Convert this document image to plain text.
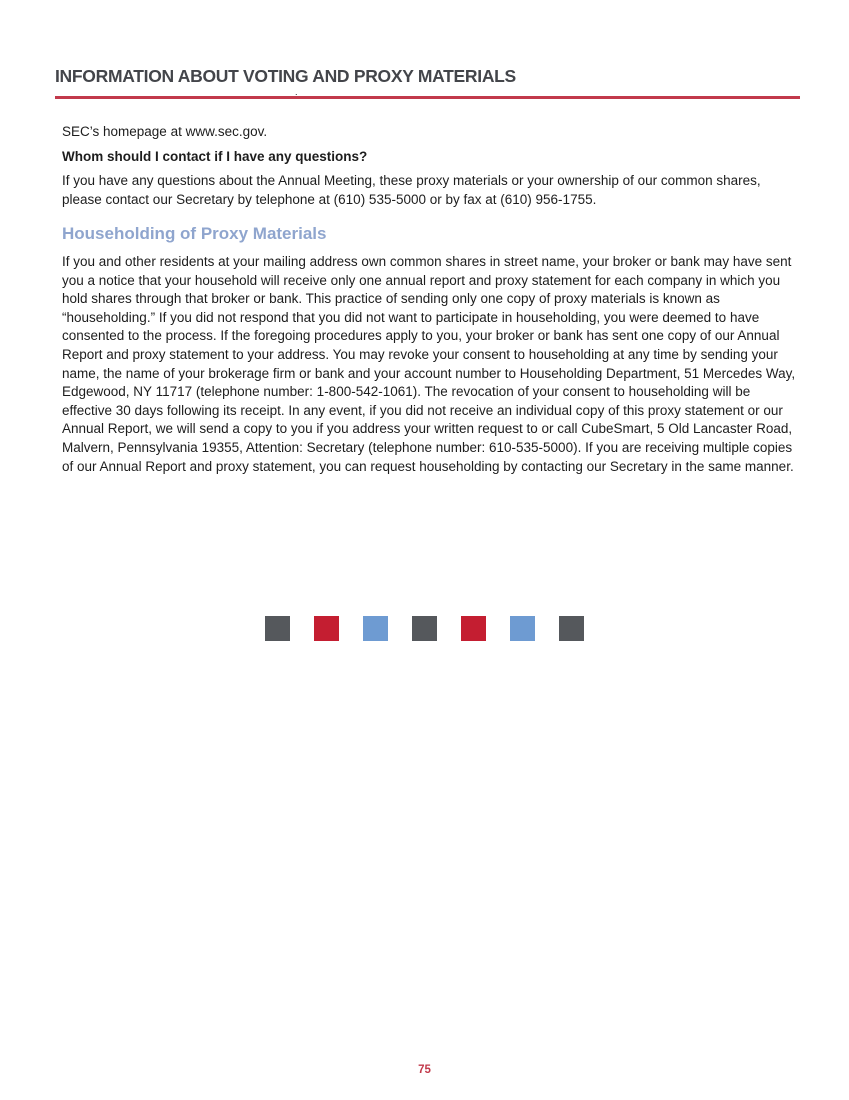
INFORMATION ABOUT VOTING AND PROXY MATERIALS
.

SEC’s homepage at www.sec.gov.

Whom should I contact if I have any questions?

If you have any questions about the Annual Meeting, these proxy materials or your ownership of our common shares, please contact our Secretary by telephone at (610) 535-5000 or by fax at (610) 956-1755.

Householding of Proxy Materials

If you and other residents at your mailing address own common shares in street name, your broker or bank may have sent you a notice that your household will receive only one annual report and proxy statement for each company in which you hold shares through that broker or bank. This practice of sending only one copy of proxy materials is known as “householding.” If you did not respond that you did not want to participate in householding, you were deemed to have consented to the process. If the foregoing procedures apply to you, your broker or bank has sent one copy of our Annual Report and proxy statement to your address. You may revoke your consent to householding at any time by sending your name, the name of your brokerage firm or bank and your account number to Householding Department, 51 Mercedes Way, Edgewood, NY 11717 (telephone number: 1-800-542-1061). The revocation of your consent to householding will be effective 30 days following its receipt. In any event, if you did not receive an individual copy of this proxy statement or our Annual Report, we will send a copy to you if you address your written request to or call CubeSmart, 5 Old Lancaster Road, Malvern, Pennsylvania 19355, Attention: Secretary (telephone number: 610-535-5000). If you are receiving multiple copies of our Annual Report and proxy statement, you can request householding by contacting our Secretary in the same manner.

75
